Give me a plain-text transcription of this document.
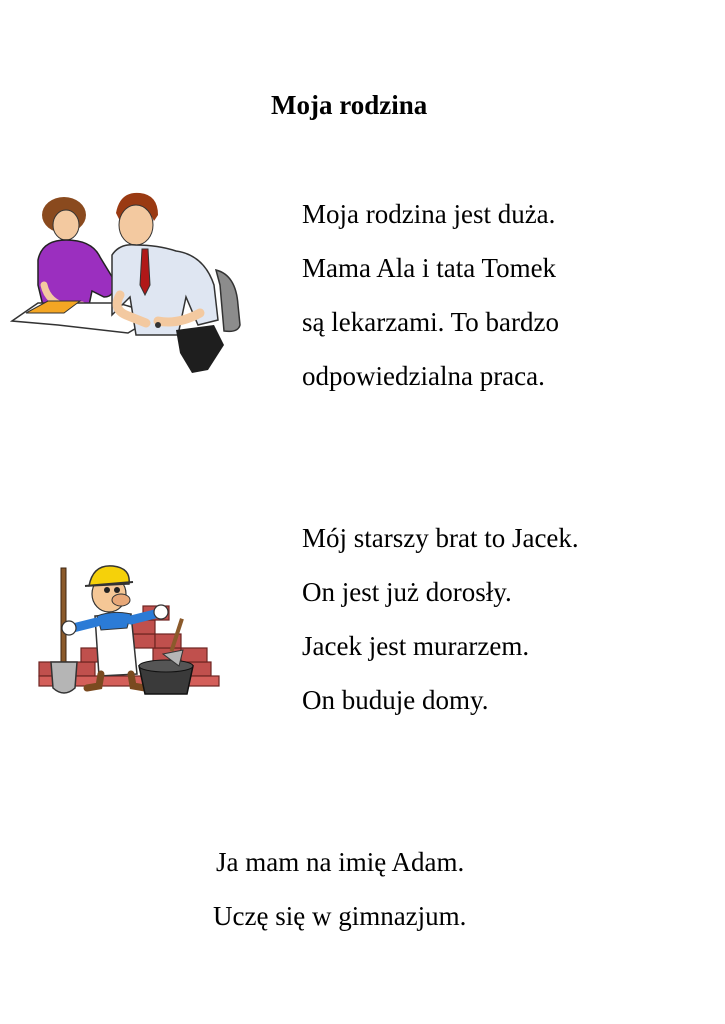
Moja rodzina
Moja rodzina jest duża.
Mama Ala i tata Tomek
są lekarzami. To bardzo
odpowiedzialna praca.
Mój starszy brat to Jacek.
On jest już dorosły.
Jacek jest murarzem.
On buduje domy.
Ja mam na imię Adam.
Uczę się w gimnazjum.
